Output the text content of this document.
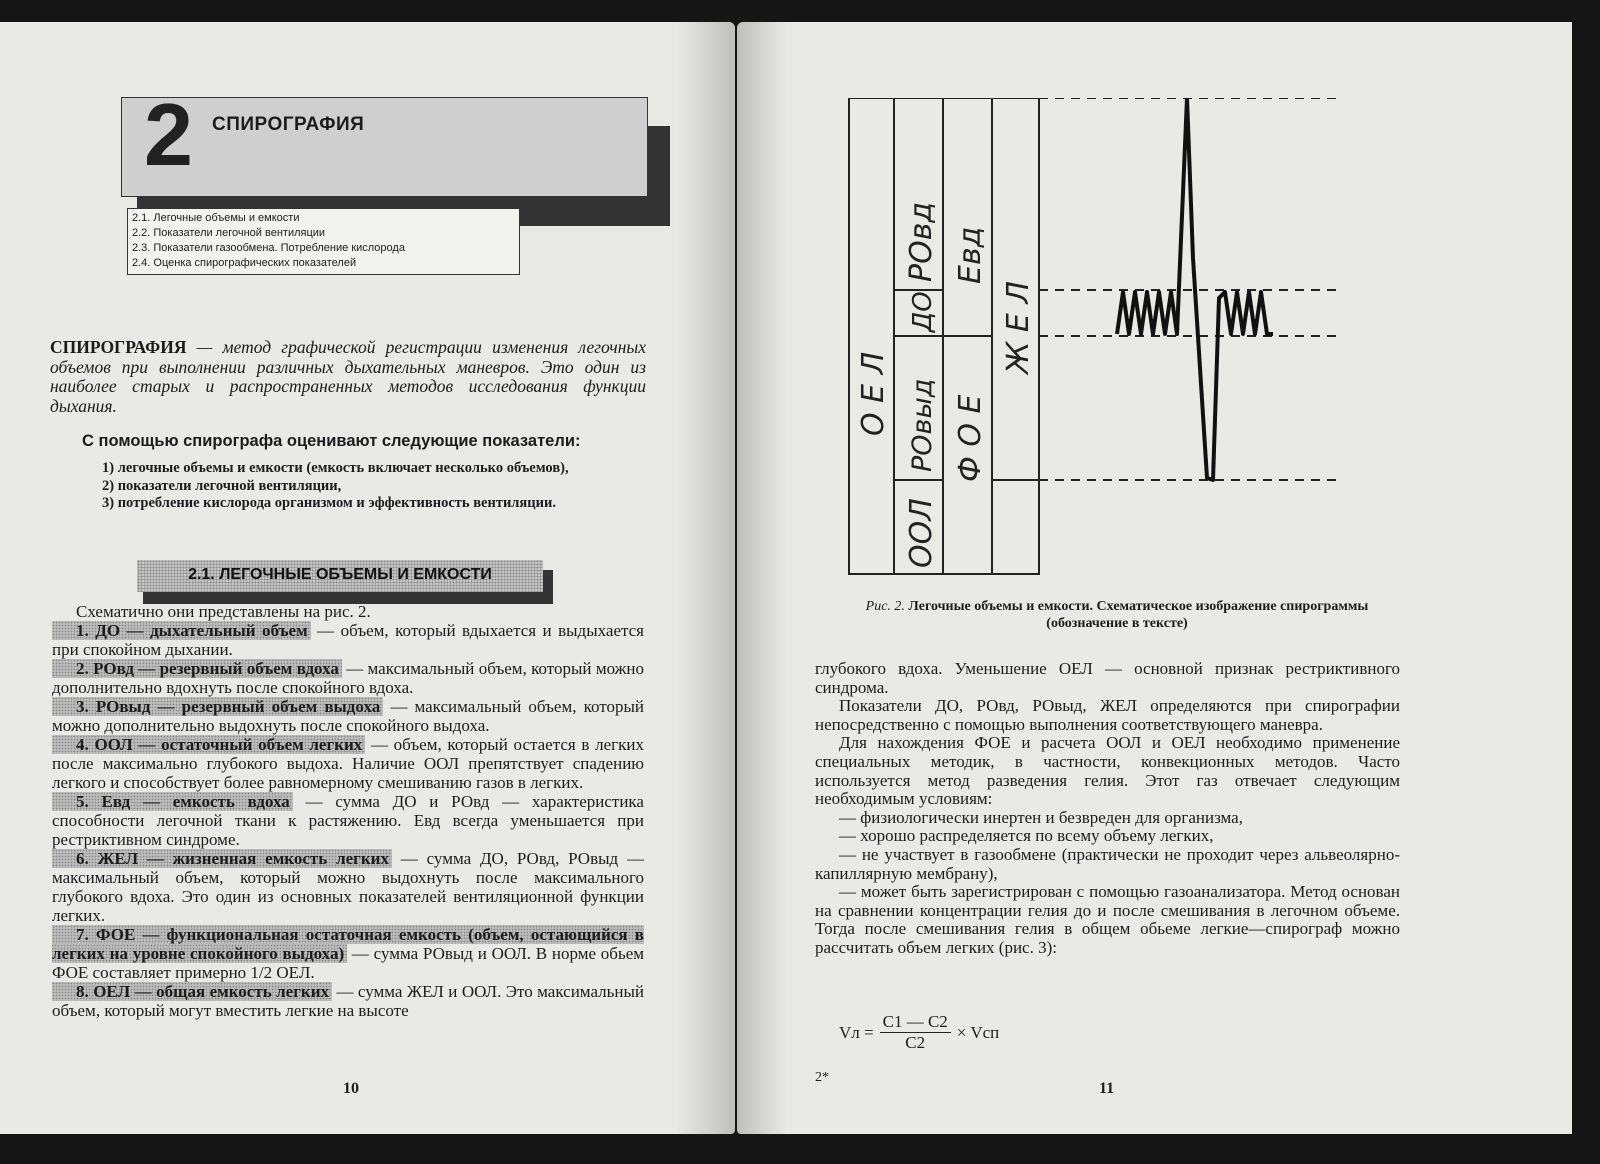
2 СПИРОГРАФИЯ
2.1. Легочные объемы и емкости
2.2. Показатели легочной вентиляции
2.3. Показатели газообмена. Потребление кислорода
2.4. Оценка спирографических показателей

СПИРОГРАФИЯ — метод графической регистрации изменения легочных объемов при выполнении различных дыхательных маневров. Это один из наиболее старых и распространенных методов исследования функции дыхания.

С помощью спирографа оценивают следующие показатели:

1) легочные объемы и емкости (емкость включает несколько объемов),
2) показатели легочной вентиляции,
3) потребление кислорода организмом и эффективность вентиляции.
2.1. ЛЕГОЧНЫЕ ОБЪЕМЫ И ЕМКОСТИ

Схематично они представлены на рис. 2.

1. ДО — дыхательный объем — объем, который вдыхается и выдыхается при спокойном дыхании.

2. РОвд — резервный объем вдоха — максимальный объем, который можно дополнительно вдохнуть после спокойного вдоха.

3. РОвыд — резервный объем выдоха — максимальный объем, который можно дополнительно выдохнуть после спокойного выдоха.

4. ООЛ — остаточный объем легких — объем, который остается в легких после максимально глубокого выдоха. Наличие ООЛ препятствует спадению легкого и способствует более равномерному смешиванию газов в легких.

5. Евд — емкость вдоха — сумма ДО и РОвд — характеристика способности легочной ткани к растяжению. Евд всегда уменьшается при рестриктивном синдроме.

6. ЖЕЛ — жизненная емкость легких — сумма ДО, РОвд, РОвыд — максимальный объем, который можно выдохнуть после максимального глубокого вдоха. Это один из основных показателей вентиляционной функции легких.

7. ФОЕ — функциональная остаточная емкость (объем, остающийся в легких на уровне спокойного выдоха) — сумма РОвыд и ООЛ. В норме обьем ФОЕ составляет примерно 1/2 ОЕЛ.

8. ОЕЛ — общая емкость легких — сумма ЖЕЛ и ООЛ. Это максимальный объем, который могут вместить легкие на высоте

10
О Е Л
РОвд
ДО
РОвыд
ООЛ
Евд
Ф О Е
Ж Е Л

Рис. 2. Легочные объемы и емкости. Схематическое изображение спирограммы (обозначение в тексте)

глубокого вдоха. Уменьшение ОЕЛ — основной признак рестриктивного синдрома.

Показатели ДО, РОвд, РОвыд, ЖЕЛ определяются при спирографии непосредственно с помощью выполнения соответствующего маневра.

Для нахождения ФОЕ и расчета ООЛ и ОЕЛ необходимо применение специальных методик, в частности, конвекционных методов. Часто используется метод разведения гелия. Этот газ отвечает следующим необходимым условиям:

— физиологически инертен и безвреден для организма,

— хорошо распределяется по всему объему легких,

— не участвует в газообмене (практически не проходит через альвеолярно-капиллярную мембрану),

— может быть зарегистрирован с помощью газоанализатора. Метод основан на сравнении концентрации гелия до и после смешивания в легочном объеме. Тогда после смешивания гелия в общем обьеме легкие—спирограф можно рассчитать объем легких (рис. 3):

Vл = $\frac{C1 — C2}{C2}$ × Vсп
2*
11
